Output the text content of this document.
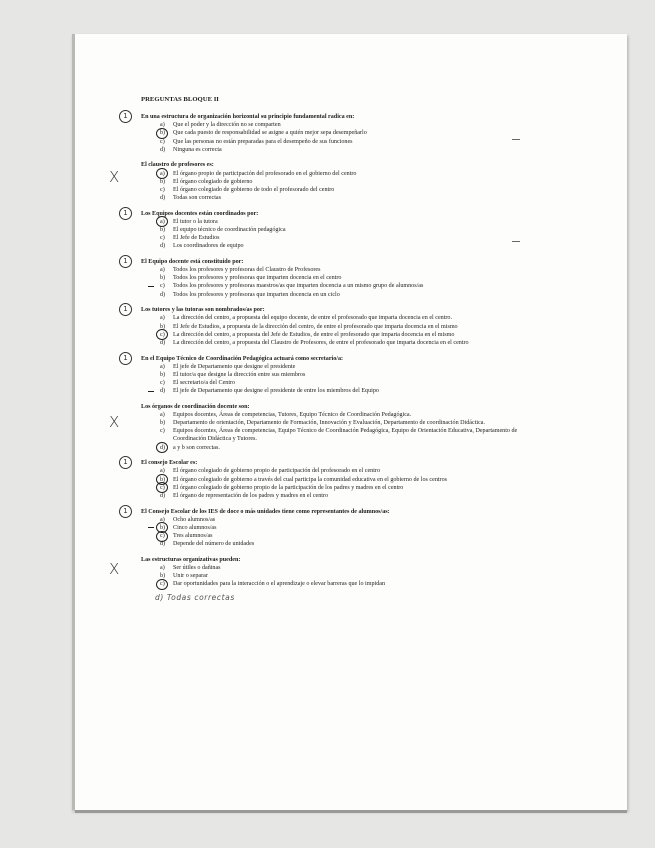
PREGUNTAS BLOQUE II
1	En una estructura de organización horizontal su principio fundamental radica en:
a) Que el poder y la dirección no se comparten
b) Que cada puesto de responsabilidad se asigne a quién mejor sepa desempeñarlo
c) Que las personas no están preparadas para el desempeño de sus funciones
d) Ninguna es correcta
X
El claustro de profesores es:
a) El órgano propio de participación del profesorado en el gobierno del centro
b) El órgano colegiado de gobierno
c) El órgano colegiado de gobierno de todo el profesorado del centro
d) Todas son correctas
1	Los Equipos docentes están coordinados por:
a) El tutor o la tutora
b) El equipo técnico de coordinación pedagógica
c) El Jefe de Estudios
d) Los coordinadores de equipo
1	El Equipo docente está constituido por:
a) Todos los profesores y profesoras del Claustro de Profesores
b) Todos los profesores y profesoras que imparten docencia en el centro
c) Todos los profesores y profesoras maestros/as que imparten docencia a un mismo grupo de alumnos/as
d) Todos los profesores y profesoras que imparten docencia en un ciclo
1	Los tutores y las tutoras son nombrados/as por:
a) La dirección del centro, a propuesta del equipo docente, de entre el profesorado que imparta docencia en el centro.
b) El Jefe de Estudios, a propuesta de la dirección del centro, de entre el profesorado que imparta docencia en el mismo
c) La dirección del centro, a propuesta del Jefe de Estudios, de entre el profesorado que imparta docencia en el mismo
d) La dirección del centro, a propuesta del Claustro de Profesores, de entre el profesorado que imparta docencia en el centro
1	En el Equipo Técnico de Coordinación Pedagógica actuará como secretario/a:
a) El jefe de Departamento que designe el presidente
b) El tutor/a que designe la dirección entre sus miembros
c) El secretario/a del Centro
d) El jefe de Departamento que designe el presidente de entre los miembros del Equipo
X
Los órganos de coordinación docente son:
a) Equipos docentes, Áreas de competencias, Tutores, Equipo Técnico de Coordinación Pedagógica.
b) Departamento de orientación, Departamento de Formación, Innovación y Evaluación, Departamento de coordinación Didáctica.
c) Equipos docentes, Áreas de competencias, Equipo Técnico de Coordinación Pedagógica, Equipo de Orientación Educativa, Departamento de Coordinación Didáctica y Tutores.
d) a y b son correctas.
1	El consejo Escolar es:
a) El órgano colegiado de gobierno propio de participación del profesorado en el centro
b) El órgano colegiado de gobierno a través del cual participa la comunidad educativa en el gobierno de los centros
c) El órgano colegiado de gobierno propio de la participación de los padres y madres en el centro
d) El órgano de representación de los padres y madres en el centro
1	El Consejo Escolar de los IES de doce o más unidades tiene como representantes de alumnos/as:
a) Ocho alumnos/as
b) Cinco alumnos/as
c) Tres alumnos/as
d) Depende del número de unidades
X	Las estructuras organizativas pueden:
a) Ser útiles o dañinas
b) Unir o separar
c) Dar oportunidades para la interacción o el aprendizaje o elevar barreras que lo impidan
d) Todas correctas
